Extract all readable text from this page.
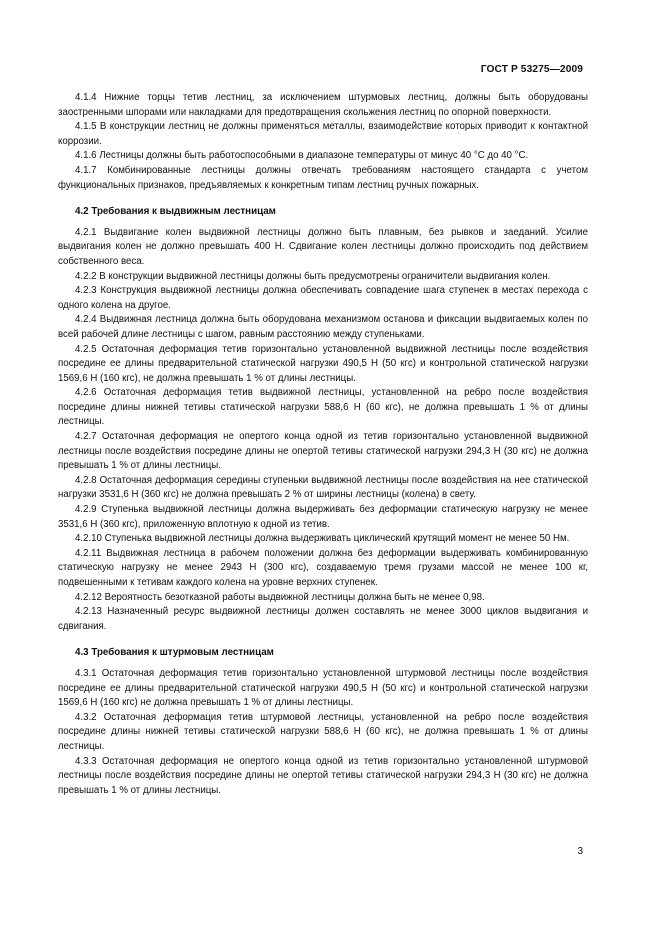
ГОСТ Р 53275—2009

4.1.4 Нижние торцы тетив лестниц, за исключением штурмовых лестниц, должны быть оборудованы заостренными шпорами или накладками для предотвращения скольжения лестниц по опорной поверхности.

4.1.5 В конструкции лестниц не должны применяться металлы, взаимодействие которых приводит к контактной коррозии.

4.1.6 Лестницы должны быть работоспособными в диапазоне температуры от минус 40 °С до 40 °С.

4.1.7 Комбинированные лестницы должны отвечать требованиям настоящего стандарта с учетом функциональных признаков, предъявляемых к конкретным типам лестниц ручных пожарных.

4.2 Требования к выдвижным лестницам

4.2.1 Выдвигание колен выдвижной лестницы должно быть плавным, без рывков и заеданий. Усилие выдвигания колен не должно превышать 400 Н. Сдвигание колен лестницы должно происходить под действием собственного веса.

4.2.2 В конструкции выдвижной лестницы должны быть предусмотрены ограничители выдвигания колен.

4.2.3 Конструкция выдвижной лестницы должна обеспечивать совпадение шага ступенек в местах перехода с одного колена на другое.

4.2.4 Выдвижная лестница должна быть оборудована механизмом останова и фиксации выдвигаемых колен по всей рабочей длине лестницы с шагом, равным расстоянию между ступеньками.

4.2.5 Остаточная деформация тетив горизонтально установленной выдвижной лестницы после воздействия посредине ее длины предварительной статической нагрузки 490,5 Н (50 кгс) и контрольной статической нагрузки 1569,6 Н (160 кгс), не должна превышать 1 % от длины лестницы.

4.2.6 Остаточная деформация тетив выдвижной лестницы, установленной на ребро после воздействия посредине длины нижней тетивы статической нагрузки 588,6 Н (60 кгс), не должна превышать 1 % от длины лестницы.

4.2.7 Остаточная деформация не опертого конца одной из тетив горизонтально установленной выдвижной лестницы после воздействия посредине длины не опертой тетивы статической нагрузки 294,3 Н (30 кгс) не должна превышать 1 % от длины лестницы.

4.2.8 Остаточная деформация середины ступеньки выдвижной лестницы после воздействия на нее статической нагрузки 3531,6 Н (360 кгс) не должна превышать 2 % от ширины лестницы (колена) в свету.

4.2.9 Ступенька выдвижной лестницы должна выдерживать без деформации статическую нагрузку не менее 3531,6 Н (360 кгс), приложенную вплотную к одной из тетив.

4.2.10 Ступенька выдвижной лестницы должна выдерживать циклический крутящий момент не менее 50 Нм.

4.2.11 Выдвижная лестница в рабочем положении должна без деформации выдерживать комбинированную статическую нагрузку не менее 2943 Н (300 кгс), создаваемую тремя грузами массой не менее 100 кг, подвешенными к тетивам каждого колена на уровне верхних ступенек.

4.2.12 Вероятность безотказной работы выдвижной лестницы должна быть не менее 0,98.

4.2.13 Назначенный ресурс выдвижной лестницы должен составлять не менее 3000 циклов выдвигания и сдвигания.

4.3 Требования к штурмовым лестницам

4.3.1 Остаточная деформация тетив горизонтально установленной штурмовой лестницы после воздействия посредине ее длины предварительной статической нагрузки 490,5 Н (50 кгс) и контрольной статической нагрузки 1569,6 Н (160 кгс) не должна превышать 1 % от длины лестницы.

4.3.2 Остаточная деформация тетив штурмовой лестницы, установленной на ребро после воздействия посредине длины нижней тетивы статической нагрузки 588,6 Н (60 кгс), не должна превышать 1 % от длины лестницы.

4.3.3 Остаточная деформация не опертого конца одной из тетив горизонтально установленной штурмовой лестницы после воздействия посредине длины не опертой тетивы статической нагрузки 294,3 Н (30 кгс) не должна превышать 1 % от длины лестницы.

3
